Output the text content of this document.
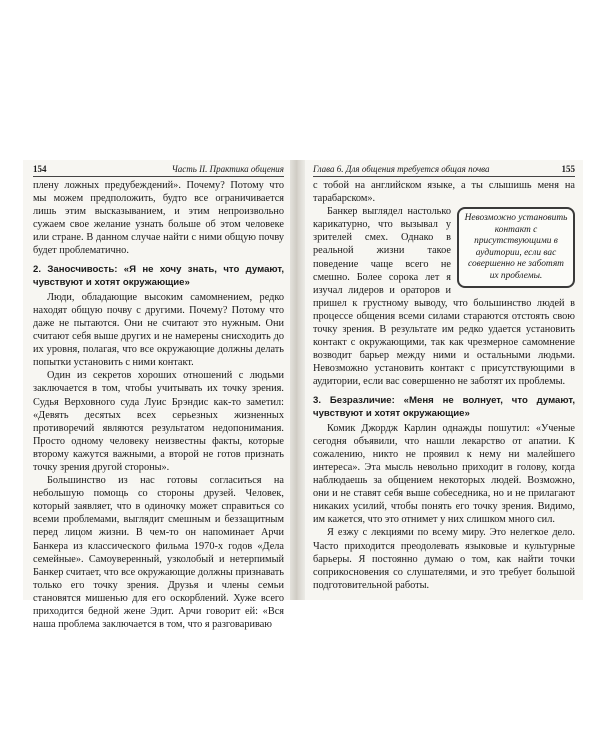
154	Часть II. Практика общения

плену ложных предубеждений». Почему? Потому что мы можем предположить, будто все ограничивается лишь этим высказыванием, и этим непроизвольно сужаем свое желание узнать больше об этом человеке или стране. В данном случае найти с ними общую почву будет проблематично.

2. Заносчивость: «Я не хочу знать, что думают, чувствуют и хотят окружающие»

Люди, обладающие высоким самомнением, редко находят общую почву с другими. Почему? Потому что даже не пытаются. Они не считают это нужным. Они считают себя выше других и не намерены снисходить до их уровня, полагая, что все окружающие должны делать попытки установить с ними контакт.

Один из секретов хороших отношений с людьми заключается в том, чтобы учитывать их точку зрения. Судья Верховного суда Луис Брэндис как-то заметил: «Девять десятых всех серьезных жизненных противоречий являются результатом недопонимания. Просто одному человеку неизвестны факты, которые второму кажутся важными, а второй не готов признать точку зрения другой стороны».

Большинство из нас готовы согласиться на небольшую помощь со стороны друзей. Человек, который заявляет, что в одиночку может справиться со всеми проблемами, выглядит смешным и беззащитным перед лицом жизни. В чем-то он напоминает Арчи Банкера из классического фильма 1970-х годов «Дела семейные». Самоуверенный, узколобый и нетерпимый Банкер считает, что все окружающие должны признавать только его точку зрения. Друзья и члены семьи становятся мишенью для его оскорблений. Хуже всего приходится бедной жене Эдит. Арчи говорит ей: «Вся наша проблема заключается в том, что я разговариваю

Глава 6. Для общения требуется общая почва	155

с тобой на английском языке, а ты слышишь меня на тарабарском».

Невозможно установить контакт с присутствующими в аудитории, если вас совершенно не заботят их проблемы.

Банкер выглядел настолько карикатурно, что вызывал у зрителей смех. Однако в реальной жизни такое поведение чаще всего не смешно. Более сорока лет я изучал лидеров и ораторов и пришел к грустному выводу, что большинство людей в процессе общения всеми силами стараются отстоять свою точку зрения. В результате им редко удается установить контакт с окружающими, так как чрезмерное самомнение возводит барьер между ними и остальными людьми. Невозможно установить контакт с присутствующими в аудитории, если вас совершенно не заботят их проблемы.

3. Безразличие: «Меня не волнует, что думают, чувствуют и хотят окружающие»

Комик Джордж Карлин однажды пошутил: «Ученые сегодня объявили, что нашли лекарство от апатии. К сожалению, никто не проявил к нему ни малейшего интереса». Эта мысль невольно приходит в голову, когда наблюдаешь за общением некоторых людей. Возможно, они и не ставят себя выше собеседника, но и не прилагают никаких усилий, чтобы понять его точку зрения. Видимо, им кажется, что это отнимет у них слишком много сил.

Я езжу с лекциями по всему миру. Это нелегкое дело. Часто приходится преодолевать языковые и культурные барьеры. Я постоянно думаю о том, как найти точки соприкосновения со слушателями, и это требует большой подготовительной работы.
